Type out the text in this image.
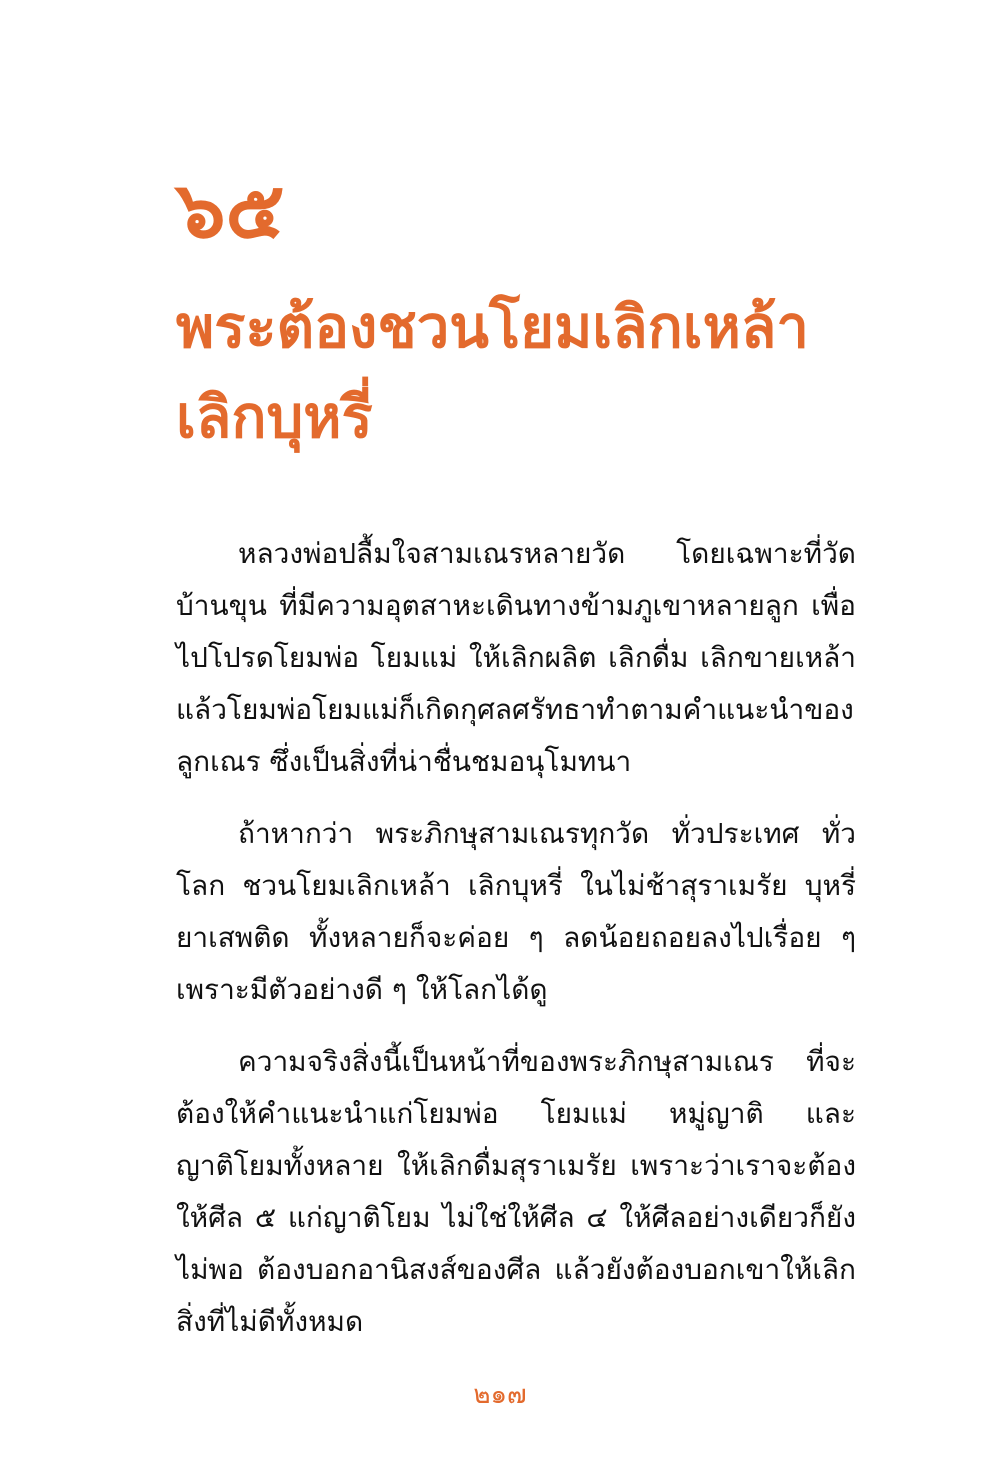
๖๕
พระต้องชวนโยมเลิกเหล้า
เลิกบุหรี่

หลวงพ่อปลื้มใจสามเณรหลายวัด โดยเฉพาะที่วัดบ้านขุน ที่มีความอุตสาหะเดินทางข้ามภูเขาหลายลูก เพื่อไปโปรดโยมพ่อ โยมแม่ ให้เลิกผลิต เลิกดื่ม เลิกขายเหล้า แล้วโยมพ่อโยมแม่ก็เกิดกุศลศรัทธาทำตามคำแนะนำของลูกเณร ซึ่งเป็นสิ่งที่น่าชื่นชมอนุโมทนา

ถ้าหากว่า พระภิกษุสามเณรทุกวัด ทั่วประเทศ ทั่วโลก ชวนโยมเลิกเหล้า เลิกบุหรี่ ในไม่ช้าสุราเมรัย บุหรี่ ยาเสพติด ทั้งหลายก็จะค่อย ๆ ลดน้อยถอยลงไปเรื่อย ๆ เพราะมีตัวอย่างดี ๆ ให้โลกได้ดู

ความจริงสิ่งนี้เป็นหน้าที่ของพระภิกษุสามเณร ที่จะต้องให้คำแนะนำแก่โยมพ่อ โยมแม่ หมู่ญาติ และญาติโยมทั้งหลาย ให้เลิกดื่มสุราเมรัย เพราะว่าเราจะต้องให้ศีล ๕ แก่ญาติโยม ไม่ใช่ให้ศีล ๔ ให้ศีลอย่างเดียวก็ยังไม่พอ ต้องบอกอานิสงส์ของศีล แล้วยังต้องบอกเขาให้เลิกสิ่งที่ไม่ดีทั้งหมด

๒๑๗
